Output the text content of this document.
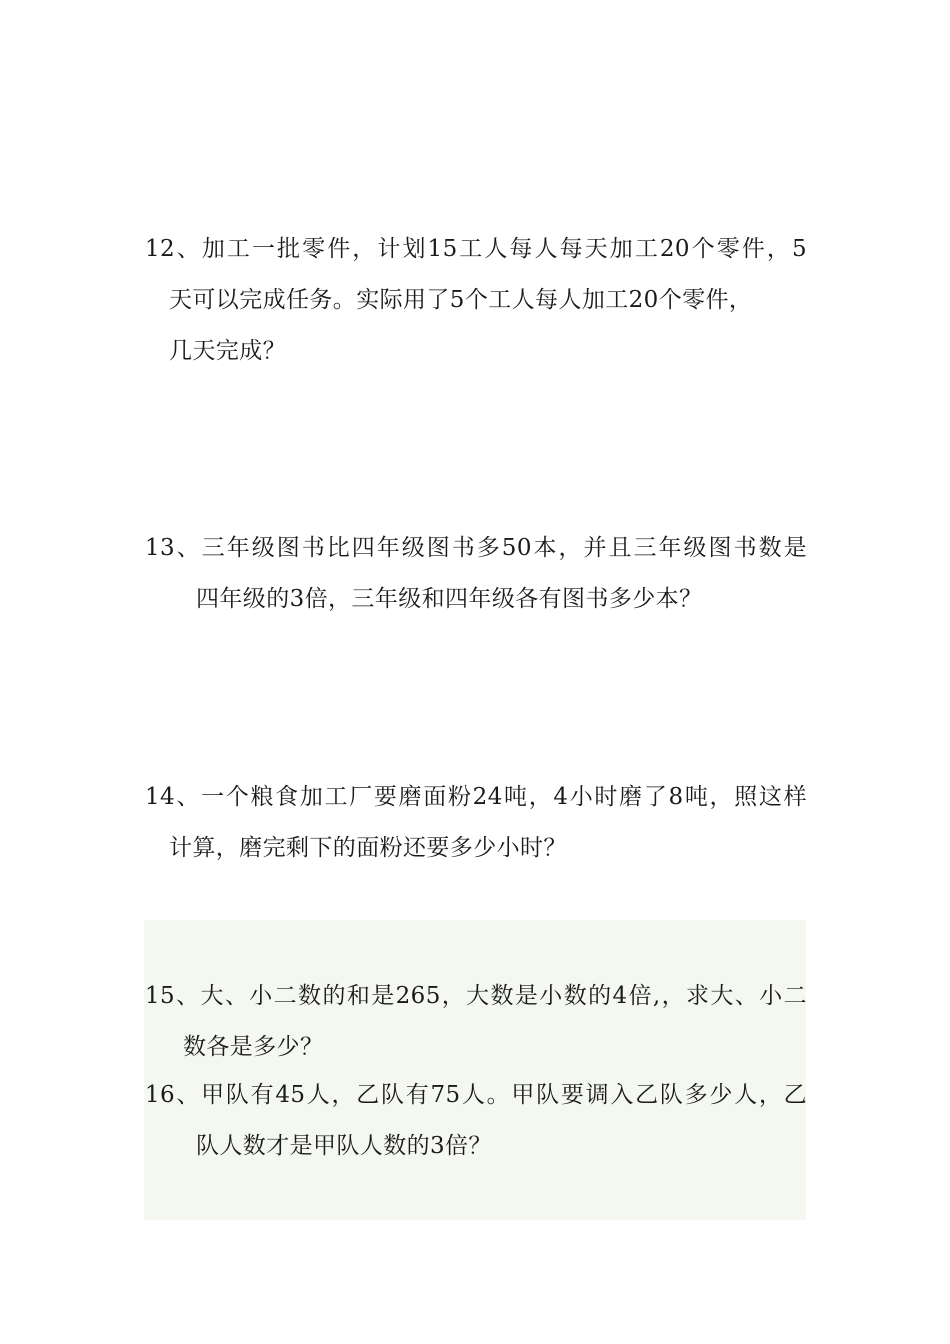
12、加工一批零件，计划15工人每人每天加工20个零件，5
天可以完成任务。实际用了5个工人每人加工20个零件，
几天完成？
13、三年级图书比四年级图书多50本，并且三年级图书数是
四年级的3倍，三年级和四年级各有图书多少本？
14、一个粮食加工厂要磨面粉24吨，4小时磨了8吨，照这样
计算，磨完剩下的面粉还要多少小时？
15、大、小二数的和是265，大数是小数的4倍,，求大、小二
数各是多少？
16、甲队有45人，乙队有75人。甲队要调入乙队多少人，乙
队人数才是甲队人数的3倍？
